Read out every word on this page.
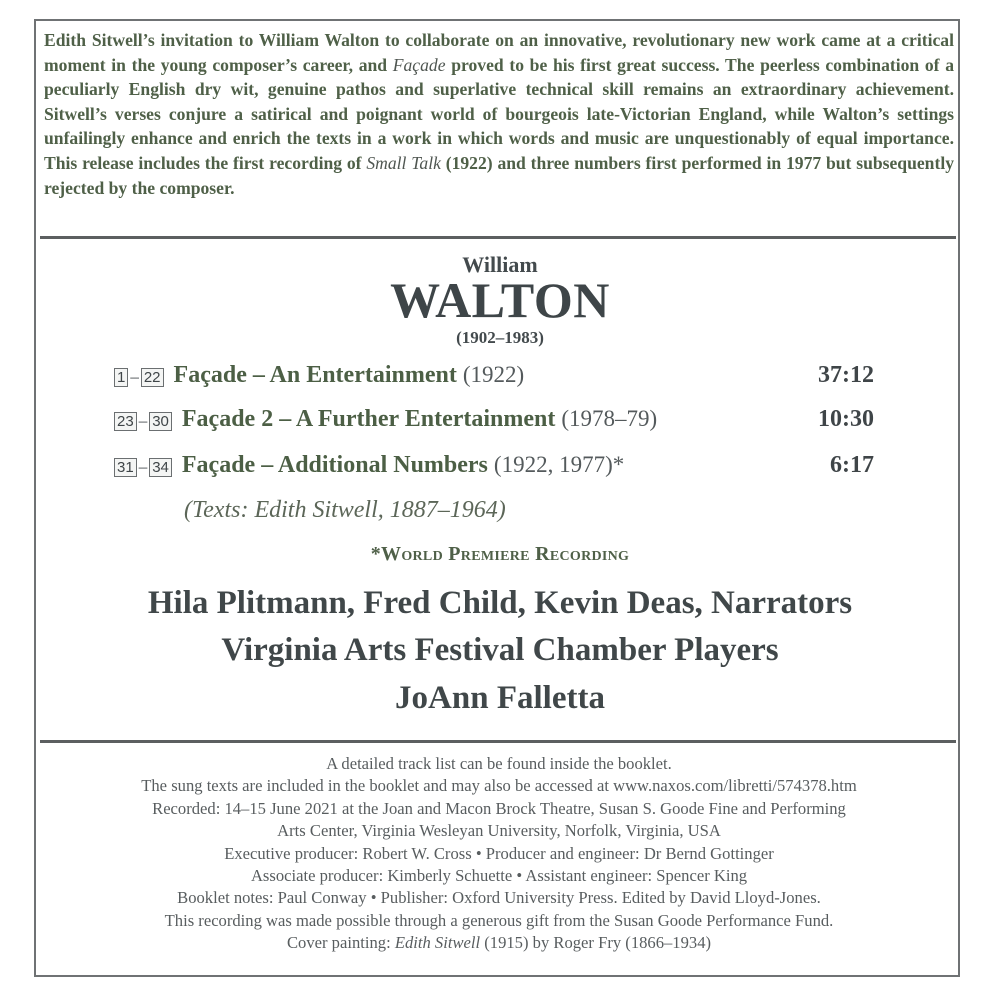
Edith Sitwell’s invitation to William Walton to collaborate on an innovative, revolutionary new work came at a critical moment in the young composer’s career, and Façade proved to be his first great success. The peerless combination of a peculiarly English dry wit, genuine pathos and superlative technical skill remains an extraordinary achievement. Sitwell’s verses conjure a satirical and poignant world of bourgeois late-Victorian England, while Walton’s settings unfailingly enhance and enrich the texts in a work in which words and music are unquestionably of equal importance. This release includes the first recording of Small Talk (1922) and three numbers first performed in 1977 but subsequently rejected by the composer.

William
WALTON
(1902–1983)
1 – 22 Façade – An Entertainment (1922)	37:12
23 – 30 Façade 2 – A Further Entertainment (1978–79)	10:30
31 – 34 Façade – Additional Numbers (1922, 1977)*	6:17
(Texts: Edith Sitwell, 1887–1964)
*World Premiere Recording
Hila Plitmann, Fred Child, Kevin Deas, Narrators
Virginia Arts Festival Chamber Players
JoAnn Falletta
A detailed track list can be found inside the booklet.
The sung texts are included in the booklet and may also be accessed at www.naxos.com/libretti/574378.htm
Recorded: 14–15 June 2021 at the Joan and Macon Brock Theatre, Susan S. Goode Fine and Performing
Arts Center, Virginia Wesleyan University, Norfolk, Virginia, USA
Executive producer: Robert W. Cross • Producer and engineer: Dr Bernd Gottinger
Associate producer: Kimberly Schuette • Assistant engineer: Spencer King
Booklet notes: Paul Conway • Publisher: Oxford University Press. Edited by David Lloyd-Jones.
This recording was made possible through a generous gift from the Susan Goode Performance Fund.
Cover painting: Edith Sitwell (1915) by Roger Fry (1866–1934)
